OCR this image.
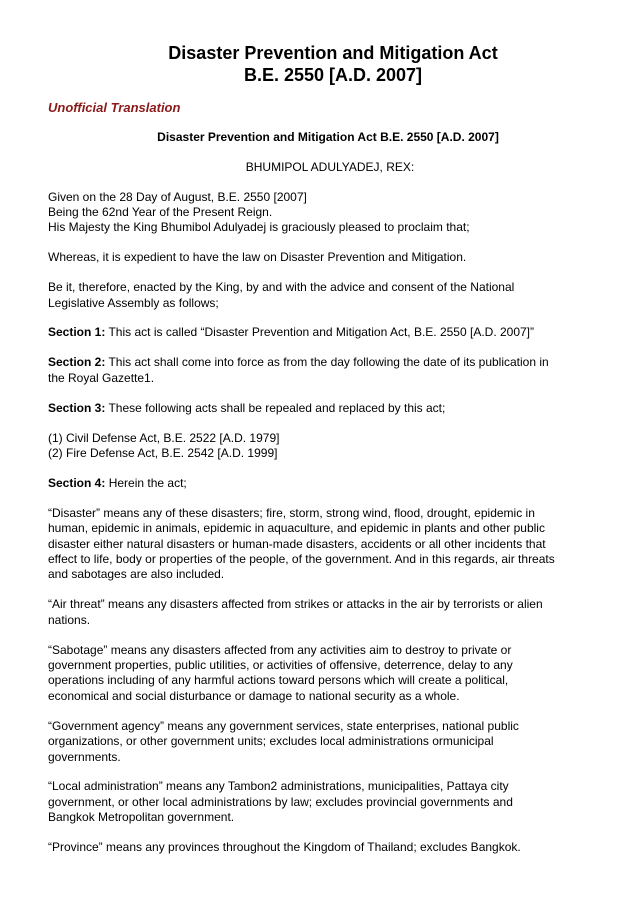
Disaster Prevention and Mitigation Act
B.E. 2550 [A.D. 2007]
Unofficial Translation
Disaster Prevention and Mitigation Act B.E. 2550 [A.D. 2007]
BHUMIPOL ADULYADEJ, REX:
Given on the 28 Day of August, B.E. 2550 [2007]
Being the 62nd Year of the Present Reign.
His Majesty the King Bhumibol Adulyadej is graciously pleased to proclaim that;
Whereas, it is expedient to have the law on Disaster Prevention and Mitigation.
Be it, therefore, enacted by the King, by and with the advice and consent of the National
Legislative Assembly as follows;
Section 1: This act is called “Disaster Prevention and Mitigation Act, B.E. 2550 [A.D. 2007]”
Section 2: This act shall come into force as from the day following the date of its publication in
the Royal Gazette1.
Section 3: These following acts shall be repealed and replaced by this act;
(1) Civil Defense Act, B.E. 2522 [A.D. 1979]
(2) Fire Defense Act, B.E. 2542 [A.D. 1999]
Section 4: Herein the act;
“Disaster” means any of these disasters; fire, storm, strong wind, flood, drought, epidemic in
human, epidemic in animals, epidemic in aquaculture, and epidemic in plants and other public
disaster either natural disasters or human-made disasters, accidents or all other incidents that
effect to life, body or properties of the people, of the government. And in this regards, air threats
and sabotages are also included.
“Air threat” means any disasters affected from strikes or attacks in the air by terrorists or alien
nations.
“Sabotage” means any disasters affected from any activities aim to destroy to private or
government properties, public utilities, or activities of offensive, deterrence, delay to any
operations including of any harmful actions toward persons which will create a political,
economical and social disturbance or damage to national security as a whole.
“Government agency” means any government services, state enterprises, national public
organizations, or other government units; excludes local administrations ormunicipal
governments.
“Local administration” means any Tambon2 administrations, municipalities, Pattaya city
government, or other local administrations by law; excludes provincial governments and
Bangkok Metropolitan government.
“Province” means any provinces throughout the Kingdom of Thailand; excludes Bangkok.
